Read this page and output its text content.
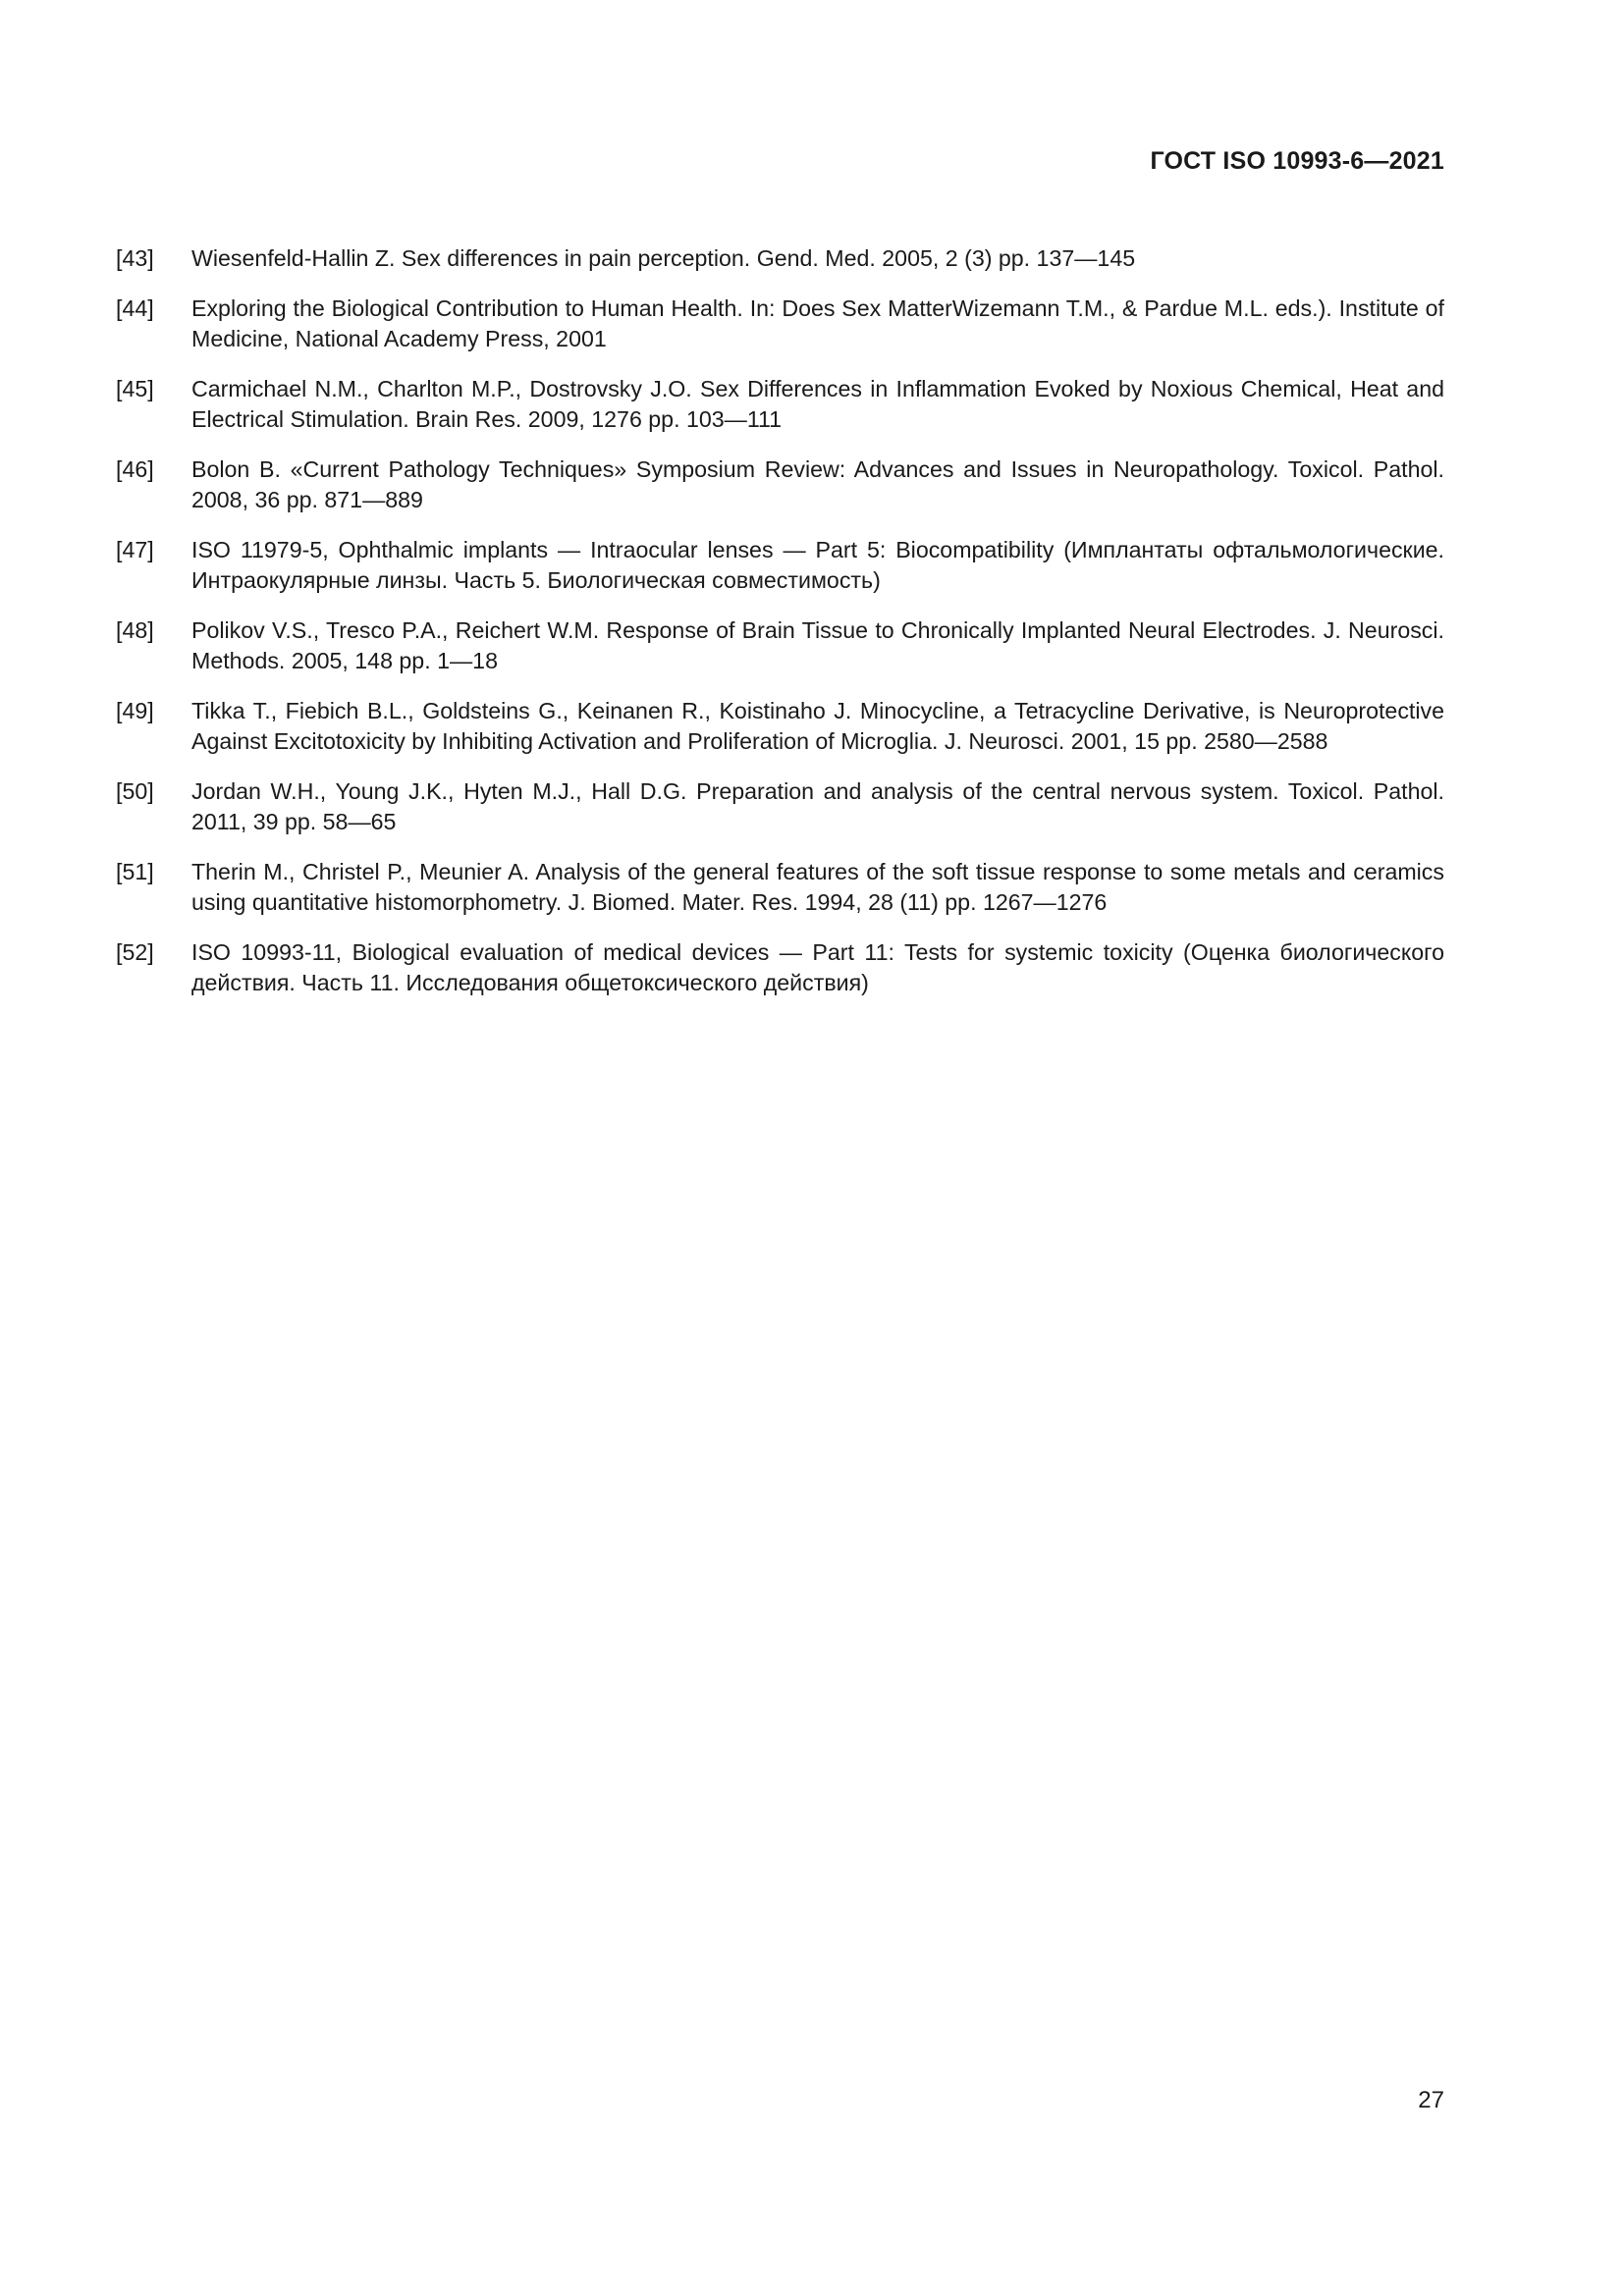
ГОСТ ISO 10993-6—2021
[43]	Wiesenfeld-Hallin Z. Sex differences in pain perception. Gend. Med. 2005, 2 (3) pp. 137—145
[44]	Exploring the Biological Contribution to Human Health. In: Does Sex MatterWizemann T.M., & Pardue M.L. eds.). Institute of Medicine, National Academy Press, 2001
[45]	Carmichael N.M., Charlton M.P., Dostrovsky J.O. Sex Differences in Inflammation Evoked by Noxious Chemical, Heat and Electrical Stimulation. Brain Res. 2009, 1276 pp. 103—111
[46]	Bolon B. «Current Pathology Techniques» Symposium Review: Advances and Issues in Neuropathology. Toxicol. Pathol. 2008, 36 pp. 871—889
[47]	ISO 11979-5, Ophthalmic implants — Intraocular lenses — Part 5: Biocompatibility (Имплантаты офтальмологические. Интраокулярные линзы. Часть 5. Биологическая совместимость)
[48]	Polikov V.S., Tresco P.A., Reichert W.M. Response of Brain Tissue to Chronically Implanted Neural Electrodes. J. Neurosci. Methods. 2005, 148 pp. 1—18
[49]	Tikka T., Fiebich B.L., Goldsteins G., Keinanen R., Koistinaho J. Minocycline, a Tetracycline Derivative, is Neuroprotective Against Excitotoxicity by Inhibiting Activation and Proliferation of Microglia. J. Neurosci. 2001, 15 pp. 2580—2588
[50]	Jordan W.H., Young J.K., Hyten M.J., Hall D.G. Preparation and analysis of the central nervous system. Toxicol. Pathol. 2011, 39 pp. 58—65
[51]	Therin M., Christel P., Meunier A. Analysis of the general features of the soft tissue response to some metals and ceramics using quantitative histomorphometry. J. Biomed. Mater. Res. 1994, 28 (11) pp. 1267—1276
[52]	ISO 10993-11, Biological evaluation of medical devices — Part 11: Tests for systemic toxicity (Оценка биологического действия. Часть 11. Исследования общетоксического действия)
27
